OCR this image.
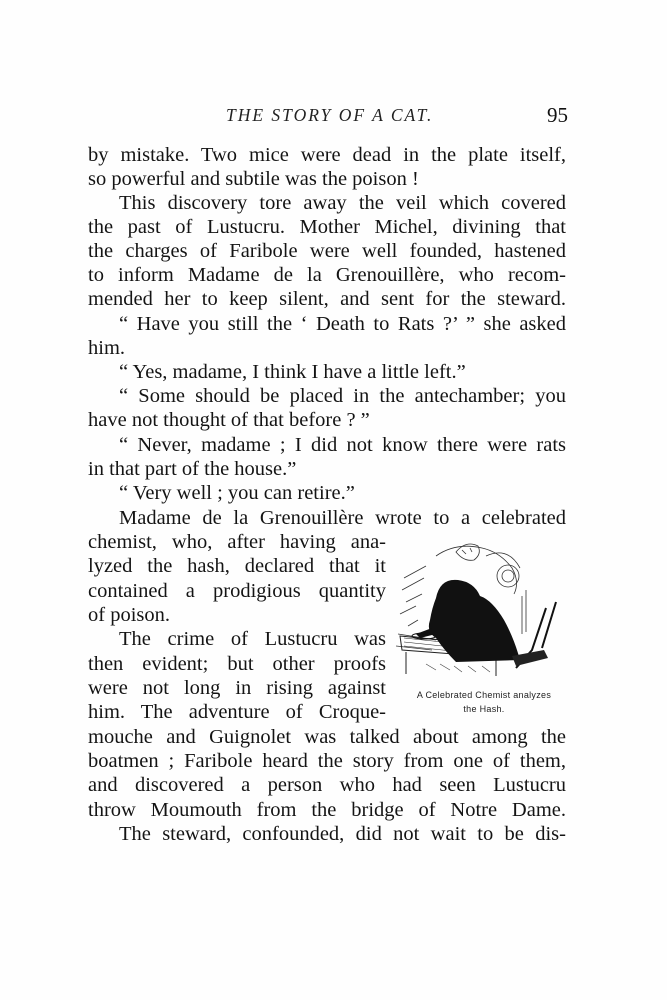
THE STORY OF A CAT.	95
by mistake. Two mice were dead in the plate itself,
so powerful and subtile was the poison !
This discovery tore away the veil which covered
the past of Lustucru. Mother Michel, divining that
the charges of Faribole were well founded, hastened
to inform Madame de la Grenouillère, who recom-
mended her to keep silent, and sent for the steward.
“ Have you still the ‘ Death to Rats ?’ ” she asked
him.
“ Yes, madame, I think I have a little left.”
“ Some should be placed in the antechamber; you
have not thought of that before ? ”
“ Never, madame ; I did not know there were rats
in that part of the house.”
“ Very well ; you can retire.”
Madame de la Grenouillère wrote to a celebrated
chemist, who, after having ana-
lyzed the hash, declared that it
contained a prodigious quantity
of poison.
The crime of Lustucru was
then evident; but other proofs
were not long in rising against
him. The adventure of Croque-
mouche and Guignolet was talked about among the
boatmen ; Faribole heard the story from one of them,
and discovered a person who had seen Lustucru
throw Moumouth from the bridge of Notre Dame.
The steward, confounded, did not wait to be dis-
A Celebrated Chemist analyzes
the Hash.
